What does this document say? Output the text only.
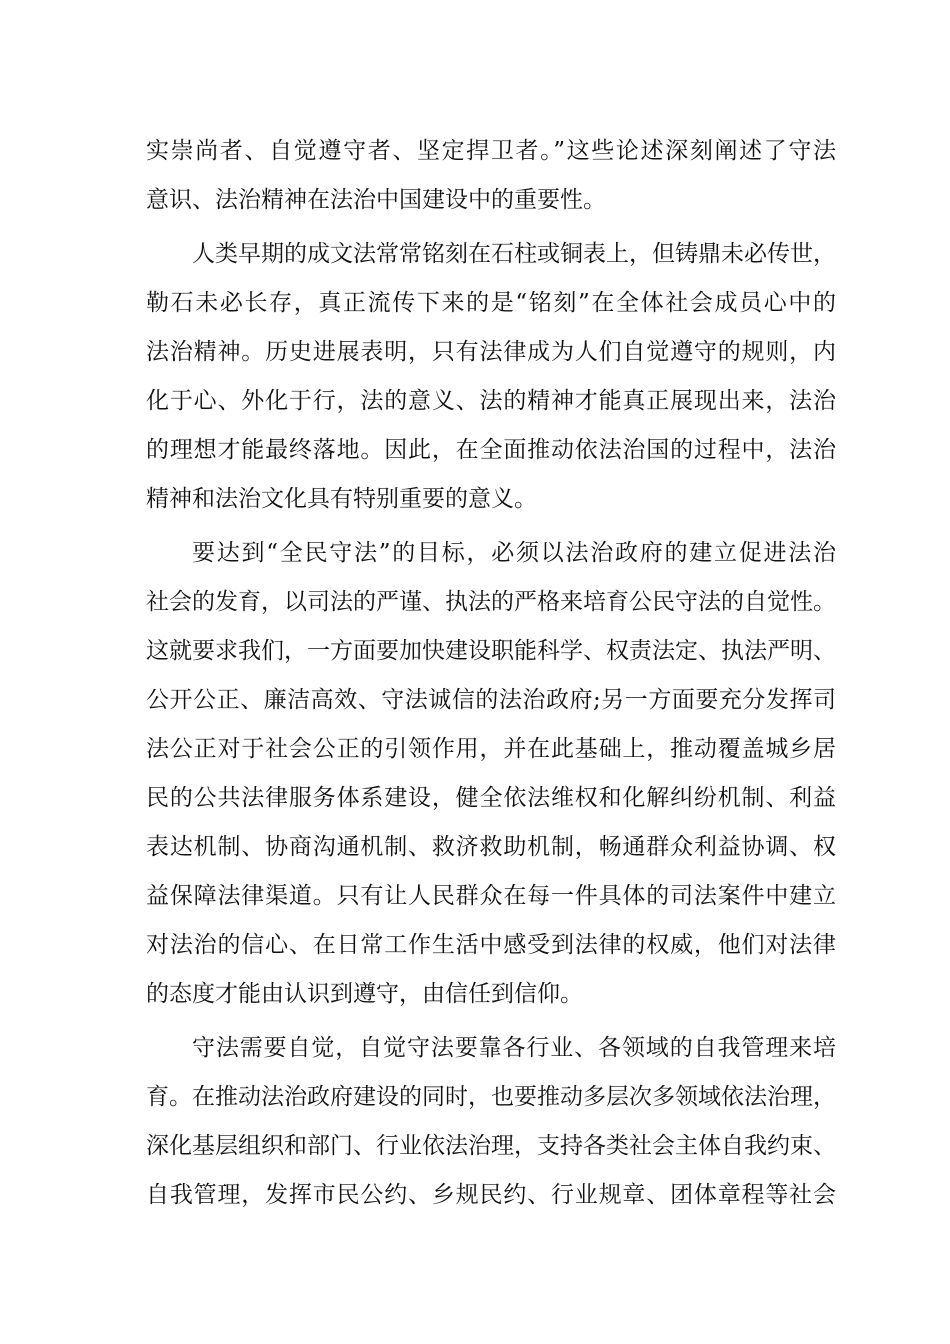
实崇尚者、自觉遵守者、坚定捍卫者。”这些论述深刻阐述了守法
意识、法治精神在法治中国建设中的重要性。
人类早期的成文法常常铭刻在石柱或铜表上，但铸鼎未必传世，
勒石未必长存，真正流传下来的是“铭刻”在全体社会成员心中的
法治精神。历史进展表明，只有法律成为人们自觉遵守的规则，内
化于心、外化于行，法的意义、法的精神才能真正展现出来，法治
的理想才能最终落地。因此，在全面推动依法治国的过程中，法治
精神和法治文化具有特别重要的意义。
要达到“全民守法”的目标，必须以法治政府的建立促进法治
社会的发育，以司法的严谨、执法的严格来培育公民守法的自觉性。
这就要求我们，一方面要加快建设职能科学、权责法定、执法严明、
公开公正、廉洁高效、守法诚信的法治政府;另一方面要充分发挥司
法公正对于社会公正的引领作用，并在此基础上，推动覆盖城乡居
民的公共法律服务体系建设，健全依法维权和化解纠纷机制、利益
表达机制、协商沟通机制、救济救助机制，畅通群众利益协调、权
益保障法律渠道。只有让人民群众在每一件具体的司法案件中建立
对法治的信心、在日常工作生活中感受到法律的权威，他们对法律
的态度才能由认识到遵守，由信任到信仰。
守法需要自觉，自觉守法要靠各行业、各领域的自我管理来培
育。在推动法治政府建设的同时，也要推动多层次多领域依法治理，
深化基层组织和部门、行业依法治理，支持各类社会主体自我约束、
自我管理，发挥市民公约、乡规民约、行业规章、团体章程等社会
